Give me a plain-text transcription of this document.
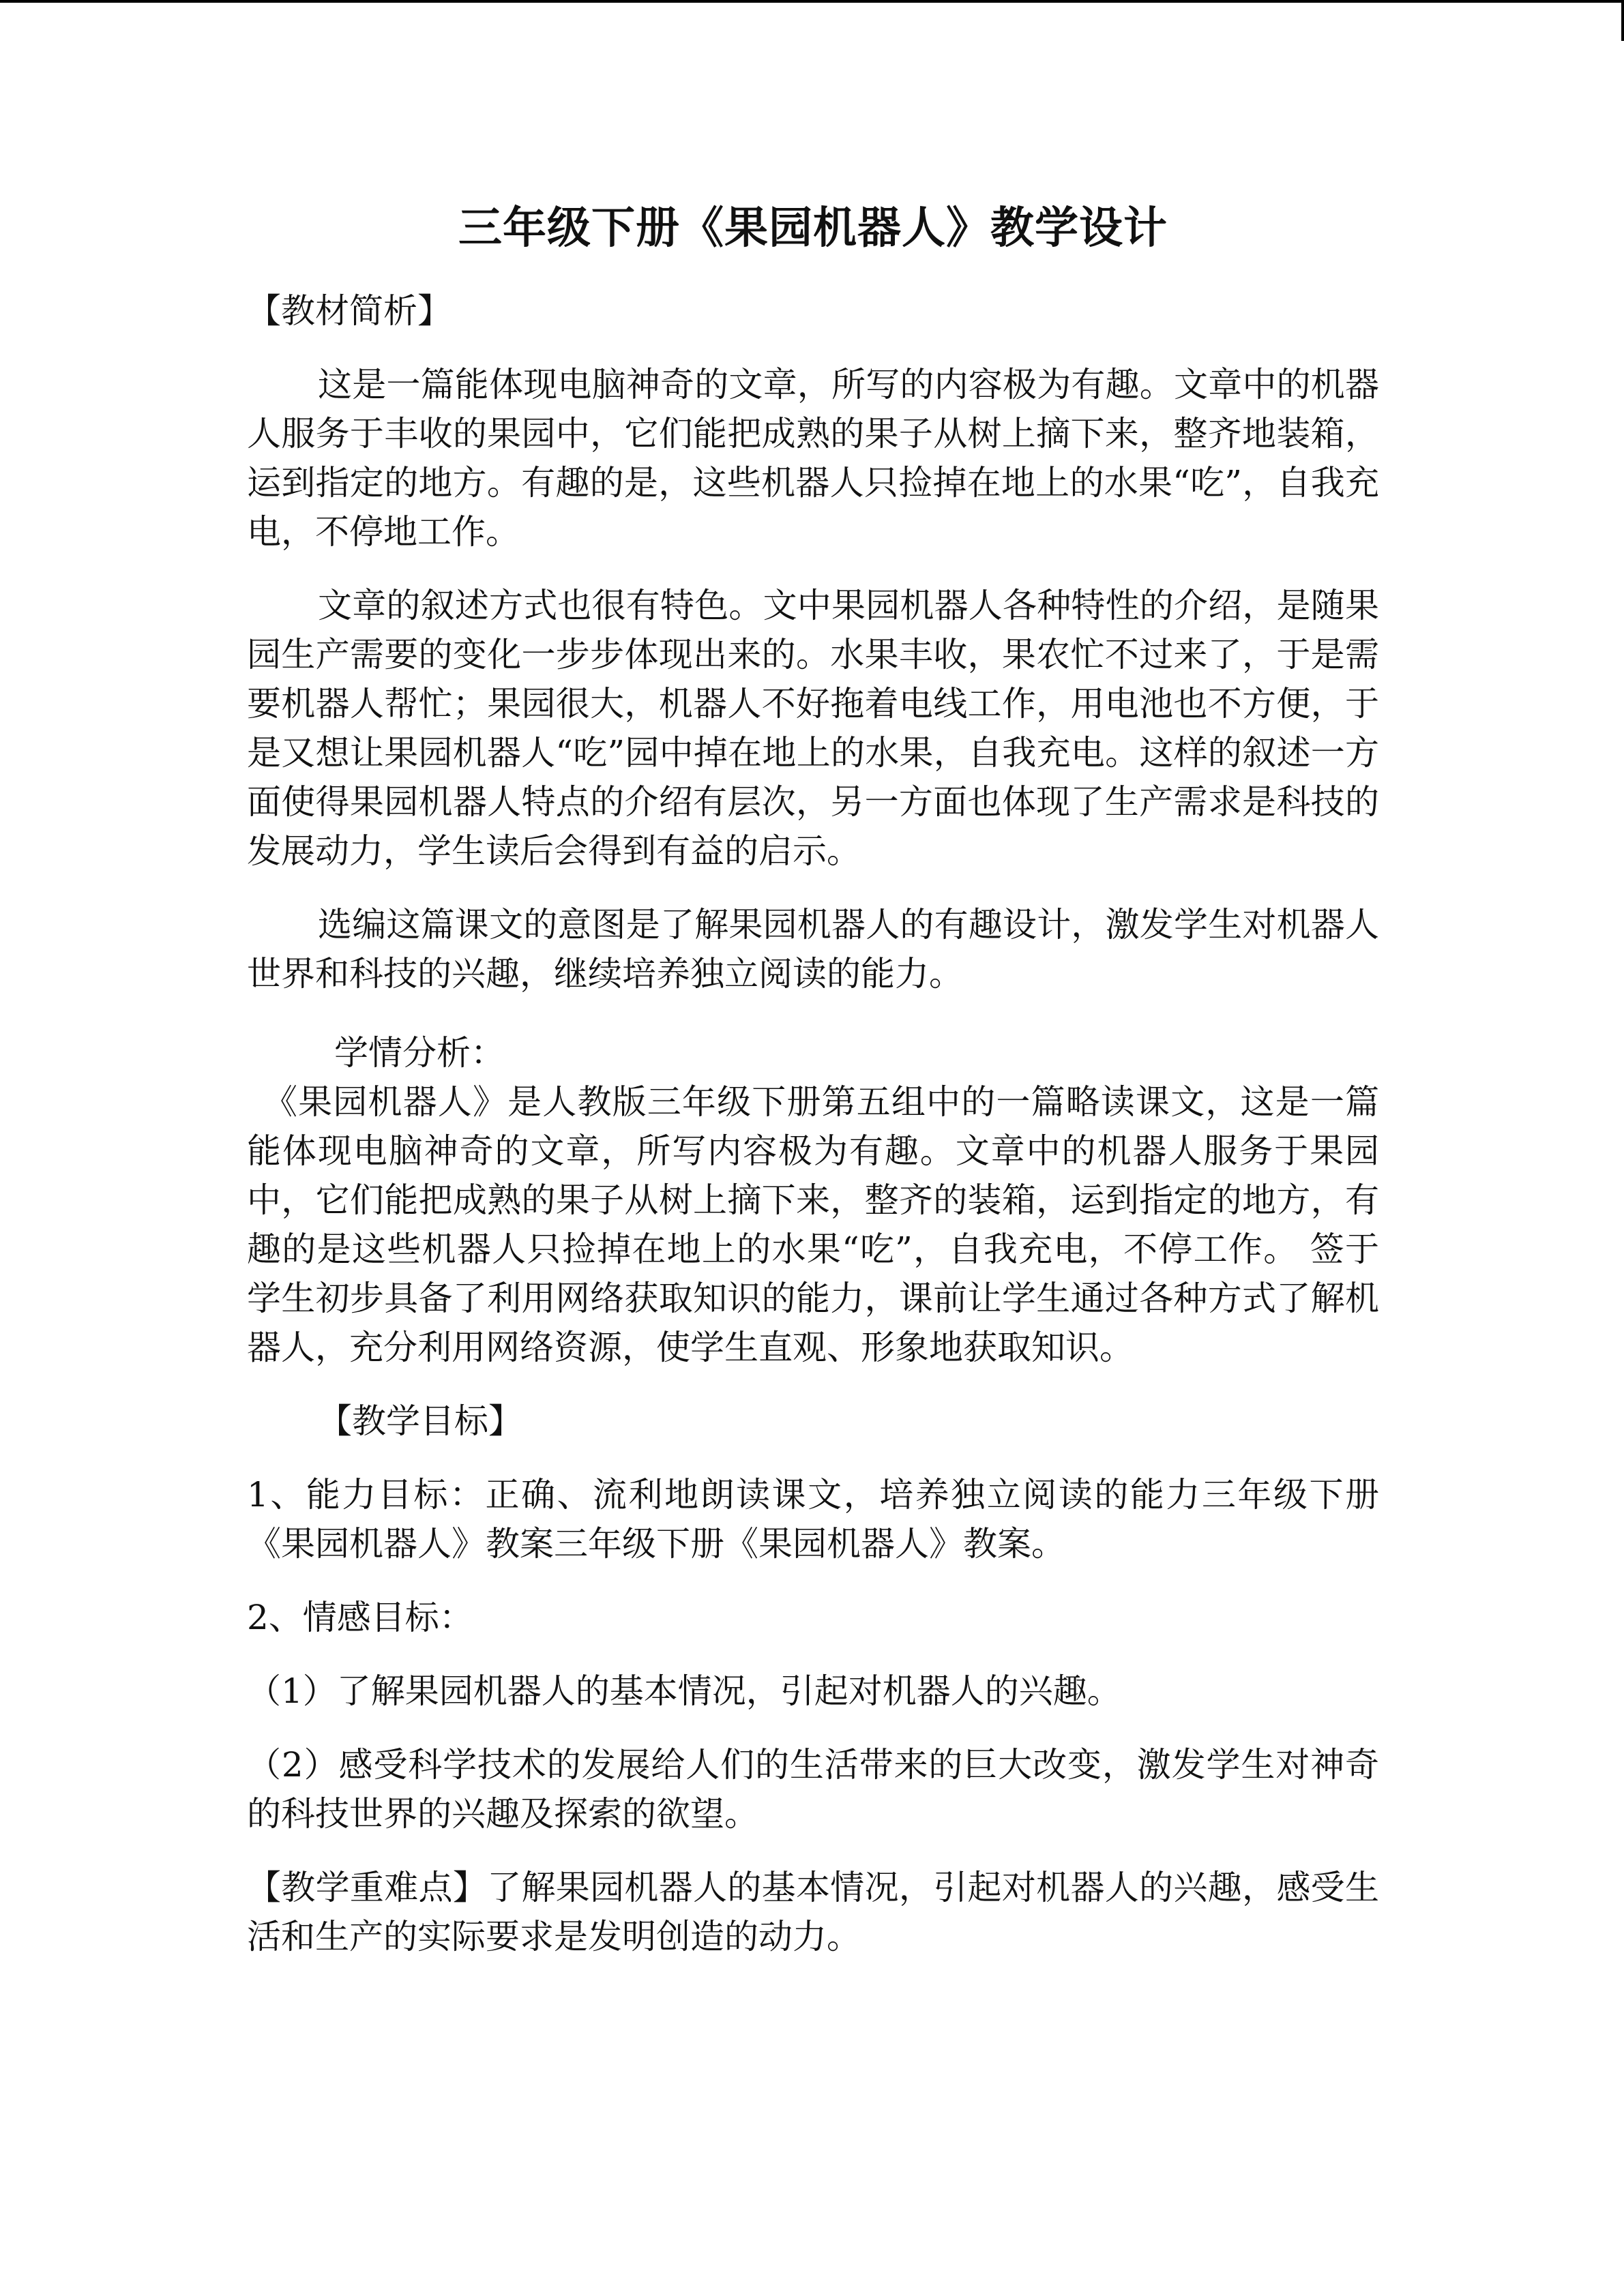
三年级下册《果园机器人》教学设计

【教材简析】

这是一篇能体现电脑神奇的文章，所写的内容极为有趣。文章中的机器人服务于丰收的果园中，它们能把成熟的果子从树上摘下来，整齐地装箱，运到指定的地方。有趣的是，这些机器人只捡掉在地上的水果“吃”，自我充电，不停地工作。

文章的叙述方式也很有特色。文中果园机器人各种特性的介绍，是随果园生产需要的变化一步步体现出来的。水果丰收，果农忙不过来了，于是需要机器人帮忙；果园很大，机器人不好拖着电线工作，用电池也不方便，于是又想让果园机器人“吃”园中掉在地上的水果，自我充电。这样的叙述一方面使得果园机器人特点的介绍有层次，另一方面也体现了生产需求是科技的发展动力，学生读后会得到有益的启示。

选编这篇课文的意图是了解果园机器人的有趣设计，激发学生对机器人世界和科技的兴趣，继续培养独立阅读的能力。

学情分析：

《果园机器人》是人教版三年级下册第五组中的一篇略读课文，这是一篇能体现电脑神奇的文章，所写内容极为有趣。文章中的机器人服务于果园中，它们能把成熟的果子从树上摘下来，整齐的装箱，运到指定的地方，有趣的是这些机器人只捡掉在地上的水果“吃”，自我充电，不停工作。 签于学生初步具备了利用网络获取知识的能力，课前让学生通过各种方式了解机器人，充分利用网络资源，使学生直观、形象地获取知识。

【教学目标】

1、能力目标：正确、流利地朗读课文，培养独立阅读的能力三年级下册《果园机器人》教案三年级下册《果园机器人》教案。

2、情感目标：

（1）了解果园机器人的基本情况，引起对机器人的兴趣。

（2）感受科学技术的发展给人们的生活带来的巨大改变，激发学生对神奇的科技世界的兴趣及探索的欲望。

【教学重难点】了解果园机器人的基本情况，引起对机器人的兴趣，感受生活和生产的实际要求是发明创造的动力。
